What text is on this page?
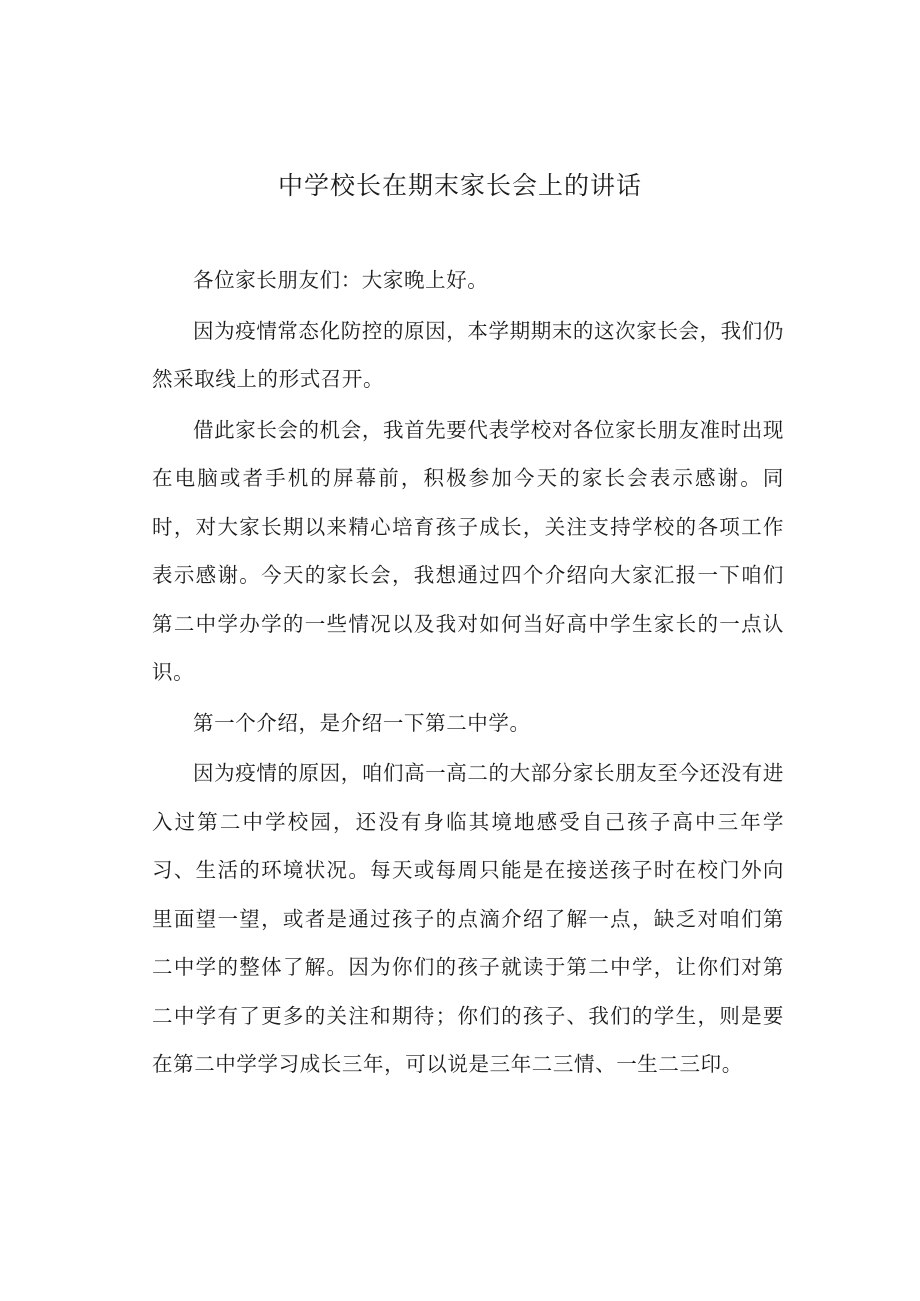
中学校长在期末家长会上的讲话

各位家长朋友们：大家晚上好。

因为疫情常态化防控的原因，本学期期末的这次家长会，我们仍然采取线上的形式召开。

借此家长会的机会，我首先要代表学校对各位家长朋友准时出现在电脑或者手机的屏幕前，积极参加今天的家长会表示感谢。同时，对大家长期以来精心培育孩子成长，关注支持学校的各项工作表示感谢。今天的家长会，我想通过四个介绍向大家汇报一下咱们第二中学办学的一些情况以及我对如何当好高中学生家长的一点认识。

第一个介绍，是介绍一下第二中学。

因为疫情的原因，咱们高一高二的大部分家长朋友至今还没有进入过第二中学校园，还没有身临其境地感受自己孩子高中三年学习、生活的环境状况。每天或每周只能是在接送孩子时在校门外向里面望一望，或者是通过孩子的点滴介绍了解一点，缺乏对咱们第二中学的整体了解。因为你们的孩子就读于第二中学，让你们对第二中学有了更多的关注和期待；你们的孩子、我们的学生，则是要在第二中学学习成长三年，可以说是三年二三情、一生二三印。
